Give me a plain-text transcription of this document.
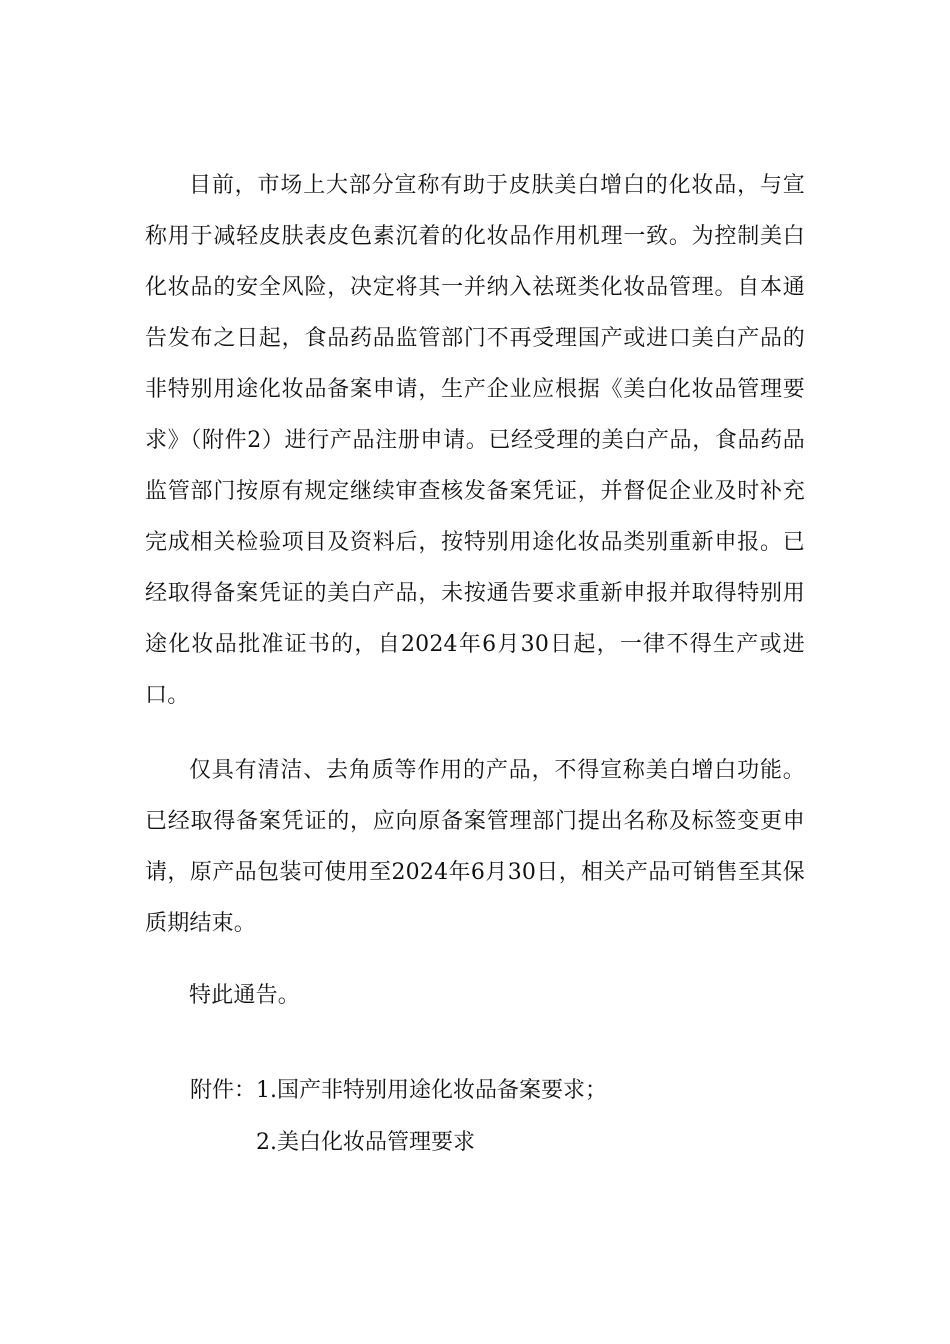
目前，市场上大部分宣称有助于皮肤美白增白的化妆品，与宣称用于减轻皮肤表皮色素沉着的化妆品作用机理一致。为控制美白化妆品的安全风险，决定将其一并纳入祛斑类化妆品管理。自本通告发布之日起，食品药品监管部门不再受理国产或进口美白产品的非特别用途化妆品备案申请，生产企业应根据《美白化妆品管理要求》（附件2）进行产品注册申请。已经受理的美白产品，食品药品监管部门按原有规定继续审查核发备案凭证，并督促企业及时补充完成相关检验项目及资料后，按特别用途化妆品类别重新申报。已经取得备案凭证的美白产品，未按通告要求重新申报并取得特别用途化妆品批准证书的，自2024年6月30日起，一律不得生产或进口。

仅具有清洁、去角质等作用的产品，不得宣称美白增白功能。已经取得备案凭证的，应向原备案管理部门提出名称及标签变更申请，原产品包装可使用至2024年6月30日，相关产品可销售至其保质期结束。

特此通告。

附件： 1.国产非特别用途化妆品备案要求；
2.美白化妆品管理要求
